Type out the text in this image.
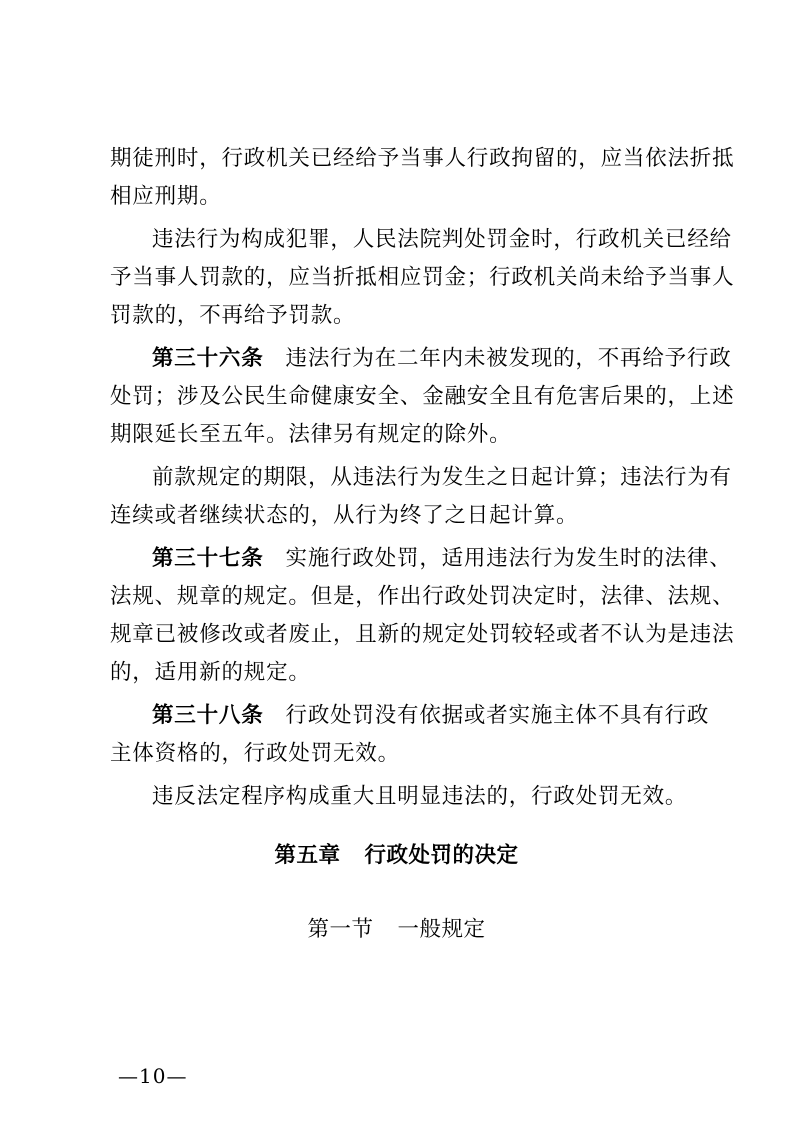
期徒刑时，行政机关已经给予当事人行政拘留的，应当依法折抵
相应刑期。
违法行为构成犯罪，人民法院判处罚金时，行政机关已经给
予当事人罚款的，应当折抵相应罚金；行政机关尚未给予当事人
罚款的，不再给予罚款。
第三十六条 违法行为在二年内未被发现的，不再给予行政
处罚；涉及公民生命健康安全、金融安全且有危害后果的，上述
期限延长至五年。法律另有规定的除外。
前款规定的期限，从违法行为发生之日起计算；违法行为有
连续或者继续状态的，从行为终了之日起计算。
第三十七条 实施行政处罚，适用违法行为发生时的法律、
法规、规章的规定。但是，作出行政处罚决定时，法律、法规、
规章已被修改或者废止，且新的规定处罚较轻或者不认为是违法
的，适用新的规定。
第三十八条 行政处罚没有依据或者实施主体不具有行政
主体资格的，行政处罚无效。
违反法定程序构成重大且明显违法的，行政处罚无效。
第五章 行政处罚的决定
第一节 一般规定
—10—
